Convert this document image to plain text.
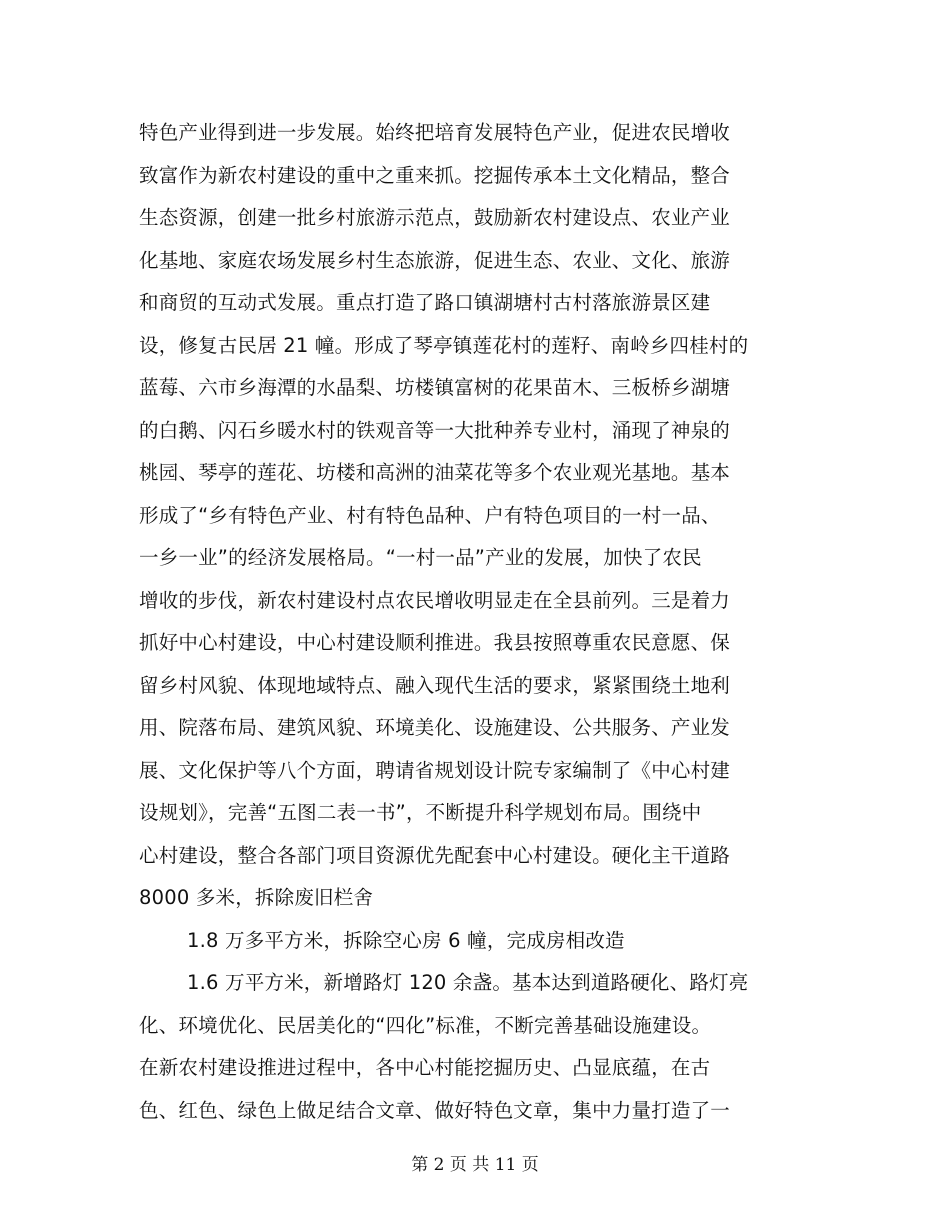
特色产业得到进一步发展。始终把培育发展特色产业，促进农民增收
致富作为新农村建设的重中之重来抓。挖掘传承本土文化精品，整合
生态资源，创建一批乡村旅游示范点，鼓励新农村建设点、农业产业
化基地、家庭农场发展乡村生态旅游，促进生态、农业、文化、旅游
和商贸的互动式发展。重点打造了路口镇湖塘村古村落旅游景区建
设，修复古民居 21 幢。形成了琴亭镇莲花村的莲籽、南岭乡四桂村的
蓝莓、六市乡海潭的水晶梨、坊楼镇富树的花果苗木、三板桥乡湖塘
的白鹅、闪石乡暖水村的铁观音等一大批种养专业村，涌现了神泉的
桃园、琴亭的莲花、坊楼和高洲的油菜花等多个农业观光基地。基本
形成了“乡有特色产业、村有特色品种、户有特色项目的一村一品、
一乡一业”的经济发展格局。“一村一品”产业的发展，加快了农民
增收的步伐，新农村建设村点农民增收明显走在全县前列。三是着力
抓好中心村建设，中心村建设顺利推进。我县按照尊重农民意愿、保
留乡村风貌、体现地域特点、融入现代生活的要求，紧紧围绕土地利
用、院落布局、建筑风貌、环境美化、设施建设、公共服务、产业发
展、文化保护等八个方面，聘请省规划设计院专家编制了《中心村建
设规划》，完善“五图二表一书”，不断提升科学规划布局。围绕中
心村建设，整合各部门项目资源优先配套中心村建设。硬化主干道路
8000 多米，拆除废旧栏舍
1.8 万多平方米，拆除空心房 6 幢，完成房相改造
1.6 万平方米，新增路灯 120 余盏。基本达到道路硬化、路灯亮
化、环境优化、民居美化的“四化”标准，不断完善基础设施建设。
在新农村建设推进过程中，各中心村能挖掘历史、凸显底蕴，在古
色、红色、绿色上做足结合文章、做好特色文章，集中力量打造了一
第 2 页 共 11 页
